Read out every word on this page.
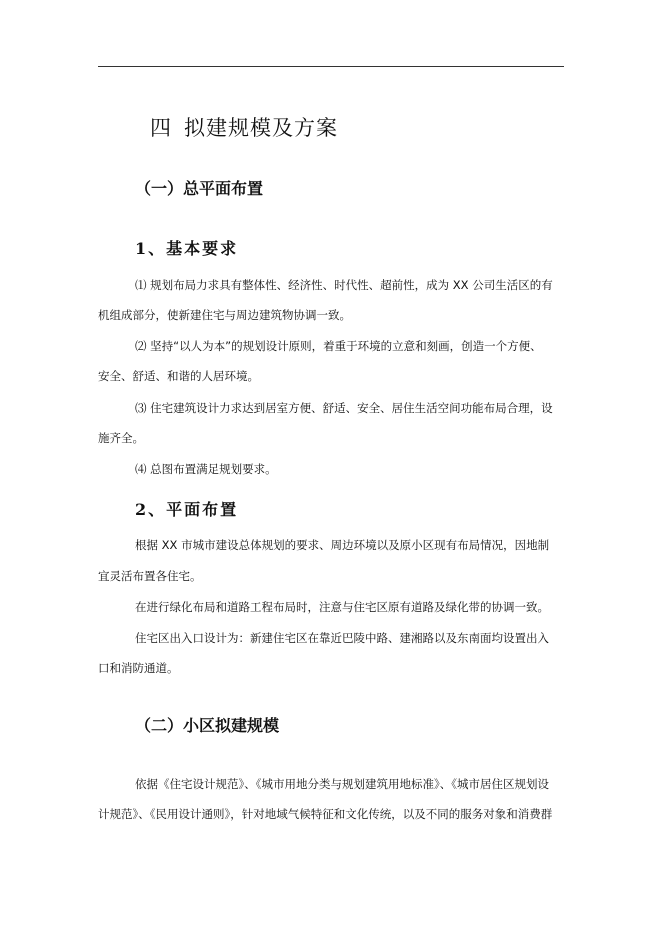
四 拟建规模及方案
（一）总平面布置
1、基本要求
⑴ 规划布局力求具有整体性、经济性、时代性、超前性，成为 XX 公司生活区的有
机组成部分，使新建住宅与周边建筑物协调一致。
⑵ 坚持“以人为本”的规划设计原则，着重于环境的立意和刻画，创造一个方便、
安全、舒适、和谐的人居环境。
⑶ 住宅建筑设计力求达到居室方便、舒适、安全、居住生活空间功能布局合理，设
施齐全。
⑷ 总图布置满足规划要求。
2、平面布置
根据 XX 市城市建设总体规划的要求、周边环境以及原小区现有布局情况，因地制
宜灵活布置各住宅。
在进行绿化布局和道路工程布局时，注意与住宅区原有道路及绿化带的协调一致。
住宅区出入口设计为：新建住宅区在靠近巴陵中路、建湘路以及东南面均设置出入
口和消防通道。
（二）小区拟建规模
依据《住宅设计规范》、《城市用地分类与规划建筑用地标准》、《城市居住区规划设
计规范》、《民用设计通则》，针对地域气候特征和文化传统，以及不同的服务对象和消费群
